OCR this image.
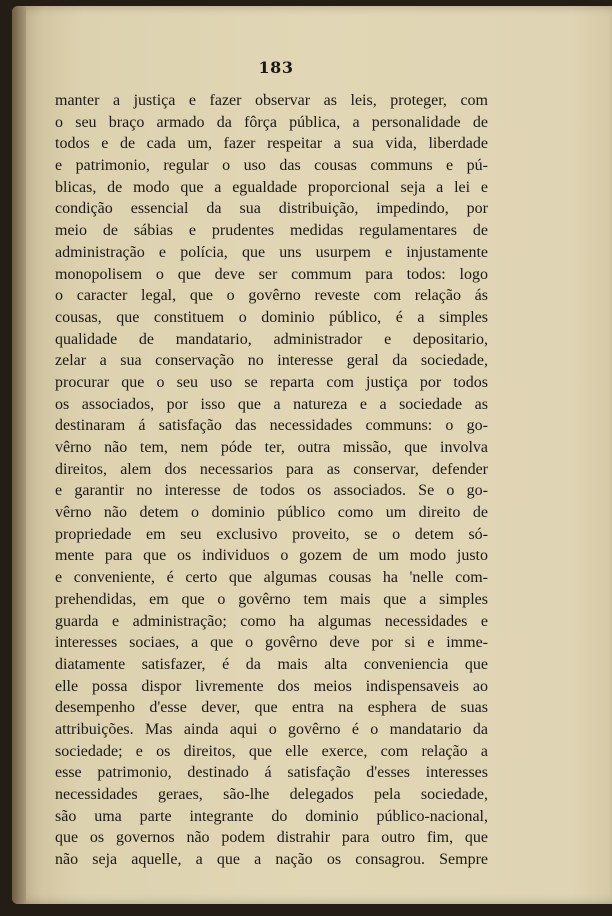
183
manter a justiça e fazer observar as leis, proteger, com
o seu braço armado da fôrça pública, a personalidade de
todos e de cada um, fazer respeitar a sua vida, liberdade
e patrimonio, regular o uso das cousas communs e pú-
blicas, de modo que a egualdade proporcional seja a lei e
condição essencial da sua distribuição, impedindo, por
meio de sábias e prudentes medidas regulamentares de
administração e polícia, que uns usurpem e injustamente
monopolisem o que deve ser commum para todos: logo
o caracter legal, que o govêrno reveste com relação ás
cousas, que constituem o dominio público, é a simples
qualidade de mandatario, administrador e depositario,
zelar a sua conservação no interesse geral da sociedade,
procurar que o seu uso se reparta com justiça por todos
os associados, por isso que a natureza e a sociedade as
destinaram á satisfação das necessidades communs: o go-
vêrno não tem, nem póde ter, outra missão, que involva
direitos, alem dos necessarios para as conservar, defender
e garantir no interesse de todos os associados. Se o go-
vêrno não detem o dominio público como um direito de
propriedade em seu exclusivo proveito, se o detem só-
mente para que os individuos o gozem de um modo justo
e conveniente, é certo que algumas cousas ha 'nelle com-
prehendidas, em que o govêrno tem mais que a simples
guarda e administração; como ha algumas necessidades e
interesses sociaes, a que o govêrno deve por si e imme-
diatamente satisfazer, é da mais alta conveniencia que
elle possa dispor livremente dos meios indispensaveis ao
desempenho d'esse dever, que entra na esphera de suas
attribuições. Mas ainda aqui o govêrno é o mandatario da
sociedade; e os direitos, que elle exerce, com relação a
esse patrimonio, destinado á satisfação d'esses interesses
necessidades geraes, são-lhe delegados pela sociedade,
são uma parte integrante do dominio público-nacional,
que os governos não podem distrahir para outro fim, que
não seja aquelle, a que a nação os consagrou. Sempre
